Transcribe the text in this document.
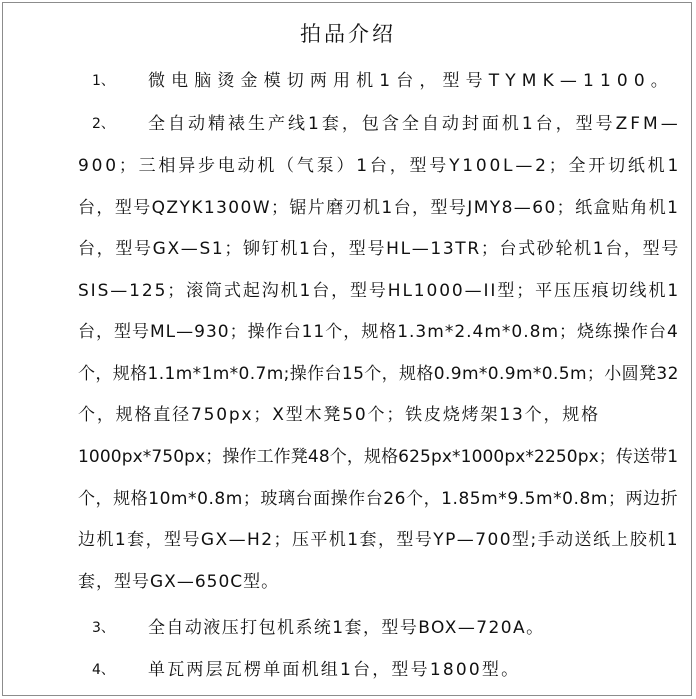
拍品介绍
1、 微电脑烫金模切两用机1台，型号TYMK—1100。
2、 全自动精裱生产线1套，包含全自动封面机1台，型号ZFM—
900；三相异步电动机（气泵）1台，型号Y100L—2；全开切纸机1
台，型号QZYK1300W；锯片磨刃机1台，型号JMY8—60；纸盒贴角机1
台，型号GX—S1；铆钉机1台，型号HL—13TR；台式砂轮机1台，型号
SIS—125；滚筒式起沟机1台，型号HL1000—II型；平压压痕切线机1
台，型号ML—930；操作台11个，规格1.3m*2.4m*0.8m；烧练操作台4
个，规格1.1m*1m*0.7m;操作台15个，规格0.9m*0.9m*0.5m；小圆凳32
个，规格直径750px；X型木凳50个；铁皮烧烤架13个，规格
1000px*750px；操作工作凳48个，规格625px*1000px*2250px；传送带1
个，规格10m*0.8m；玻璃台面操作台26个，1.85m*9.5m*0.8m；两边折
边机1套，型号GX—H2；压平机1套，型号YP—700型;手动送纸上胶机1
套，型号GX—650C型。
3、 全自动液压打包机系统1套，型号BOX—720A。
4、 单瓦两层瓦楞单面机组1台，型号1800型。
